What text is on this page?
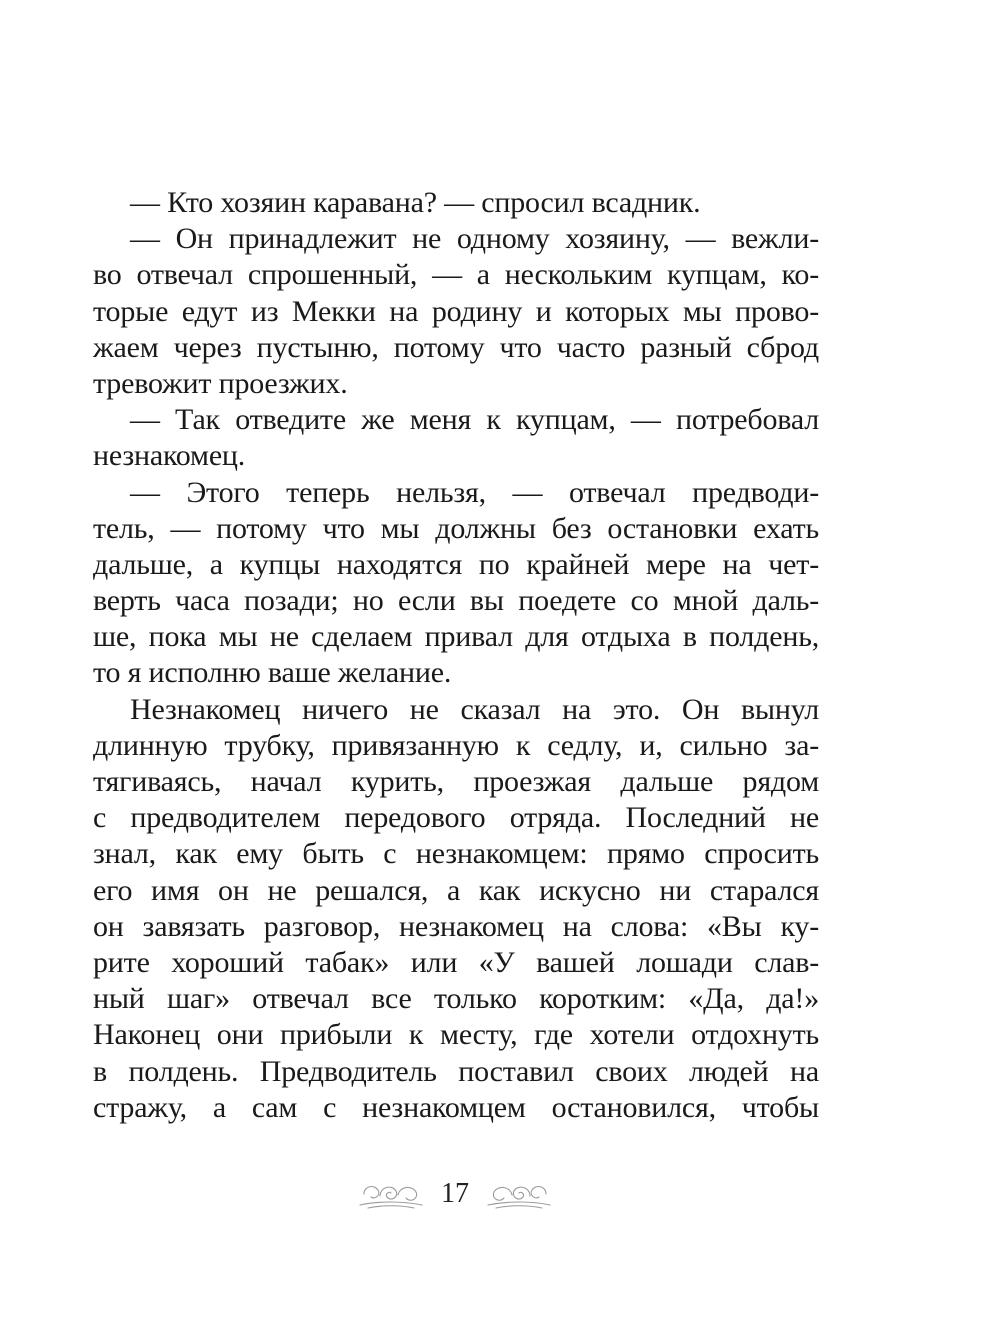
— Кто хозяин каравана? — спросил всадник.
— Он принадлежит не одному хозяину, — вежли-
во отвечал спрошенный, — а нескольким купцам, ко-
торые едут из Мекки на родину и которых мы прово-
жаем через пустыню, потому что часто разный сброд
тревожит проезжих.
— Так отведите же меня к купцам, — потребовал
незнакомец.
— Этого теперь нельзя, — отвечал предводи-
тель, — потому что мы должны без остановки ехать
дальше, а купцы находятся по крайней мере на чет-
верть часа позади; но если вы поедете со мной даль-
ше, пока мы не сделаем привал для отдыха в полдень,
то я исполню ваше желание.
Незнакомец ничего не сказал на это. Он вынул
длинную трубку, привязанную к седлу, и, сильно за-
тягиваясь, начал курить, проезжая дальше рядом
с предводителем передового отряда. Последний не
знал, как ему быть с незнакомцем: прямо спросить
его имя он не решался, а как искусно ни старался
он завязать разговор, незнакомец на слова: «Вы ку-
рите хороший табак» или «У вашей лошади слав-
ный шаг» отвечал все только коротким: «Да, да!»
Наконец они прибыли к месту, где хотели отдохнуть
в полдень. Предводитель поставил своих людей на
стражу, а сам с незнакомцем остановился, чтобы
17
